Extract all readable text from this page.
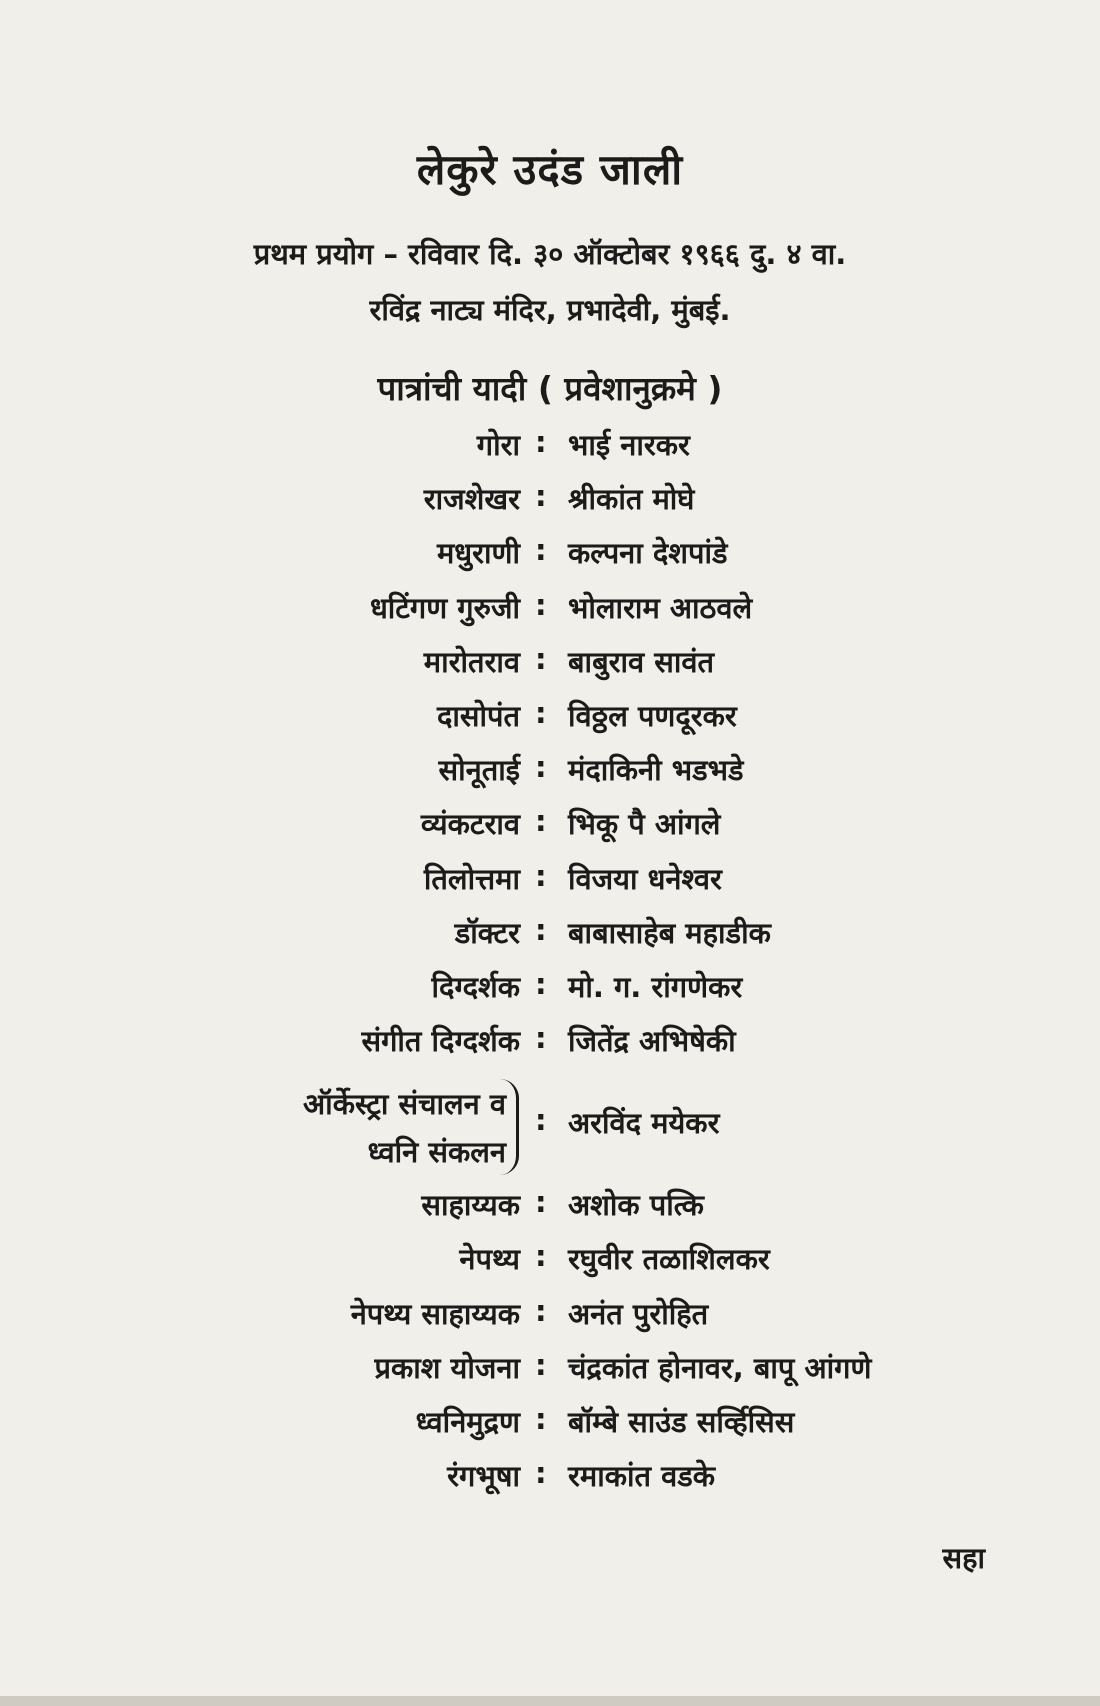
लेकुरे उदंड जाली
प्रथम प्रयोग – रविवार दि. ३० ऑक्टोबर १९६६ दु. ४ वा.
रविंद्र नाट्य मंदिर, प्रभादेवी, मुंबई.
पात्रांची यादी ( प्रवेशानुक्रमे )
गोरा : भाई नारकर
राजशेखर : श्रीकांत मोघे
मधुराणी : कल्पना देशपांडे
धटिंगण गुरुजी : भोलाराम आठवले
मारोतराव : बाबुराव सावंत
दासोपंत : विठ्ठल पणदूरकर
सोनूताई : मंदाकिनी भडभडे
व्यंकटराव : भिकू पै आंगले
तिलोत्तमा : विजया धनेश्वर
डॉक्टर : बाबासाहेब महाडीक
दिग्दर्शक : मो. ग. रांगणेकर
संगीत दिग्दर्शक : जितेंद्र अभिषेकी
ऑर्केस्ट्रा संचालन व
ध्वनि संकलन
: अरविंद मयेकर
साहाय्यक : अशोक पत्कि
नेपथ्य : रघुवीर तळाशिलकर
नेपथ्य साहाय्यक : अनंत पुरोहित
प्रकाश योजना : चंद्रकांत होनावर, बापू आंगणे
ध्वनिमुद्रण : बॉम्बे साउंड सर्व्हिसिस
रंगभूषा : रमाकांत वडके
सहा
